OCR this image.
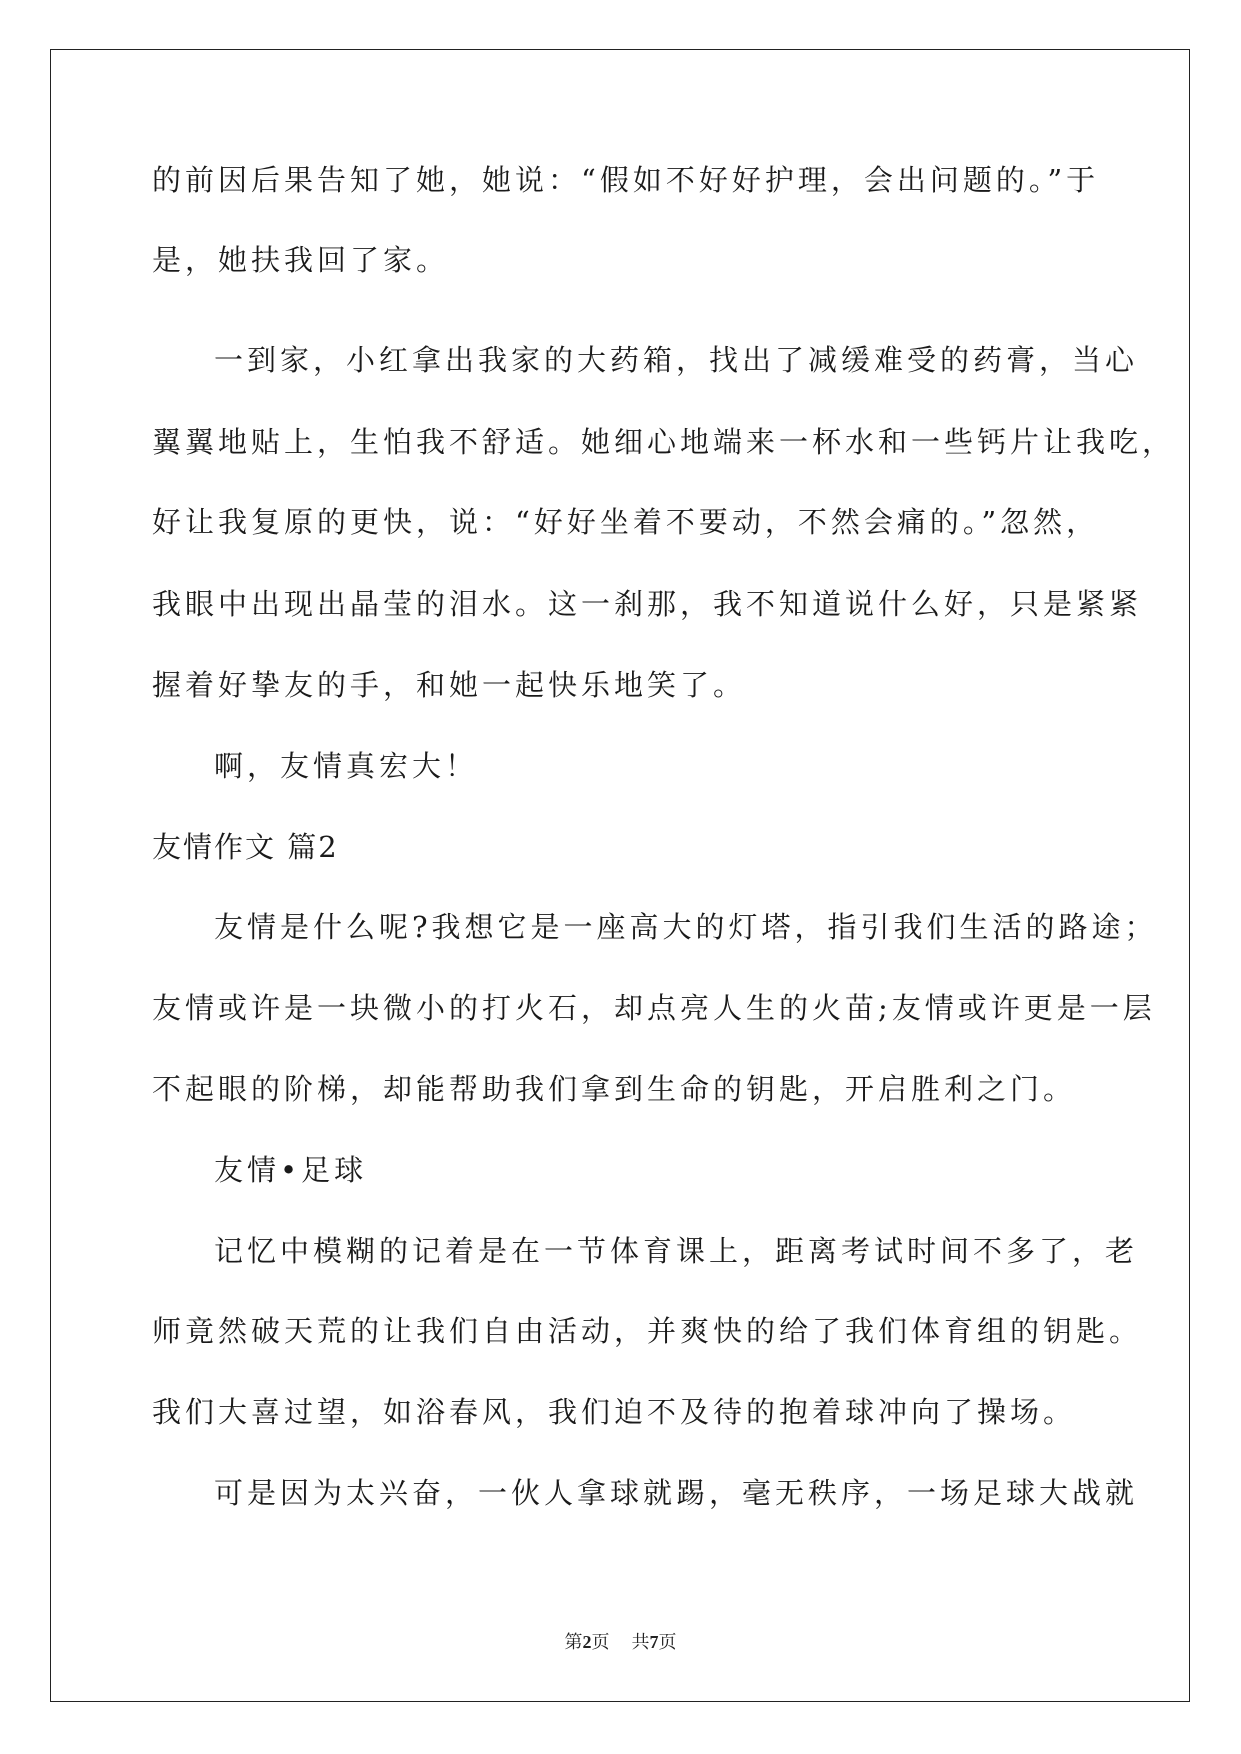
的前因后果告知了她，她说：“假如不好好护理，会出问题的。”于
是，她扶我回了家。
一到家，小红拿出我家的大药箱，找出了减缓难受的药膏，当心
翼翼地贴上，生怕我不舒适。她细心地端来一杯水和一些钙片让我吃，
好让我复原的更快，说：“好好坐着不要动，不然会痛的。”忽然，
我眼中出现出晶莹的泪水。这一刹那，我不知道说什么好，只是紧紧
握着好挚友的手，和她一起快乐地笑了。
啊，友情真宏大！
友情作文 篇2
友情是什么呢?我想它是一座高大的灯塔，指引我们生活的路途；
友情或许是一块微小的打火石，却点亮人生的火苗;友情或许更是一层
不起眼的阶梯，却能帮助我们拿到生命的钥匙，开启胜利之门。
友情•足球
记忆中模糊的记着是在一节体育课上，距离考试时间不多了，老
师竟然破天荒的让我们自由活动，并爽快的给了我们体育组的钥匙。
我们大喜过望，如浴春风，我们迫不及待的抱着球冲向了操场。
可是因为太兴奋，一伙人拿球就踢，毫无秩序，一场足球大战就
第2页 共7页
